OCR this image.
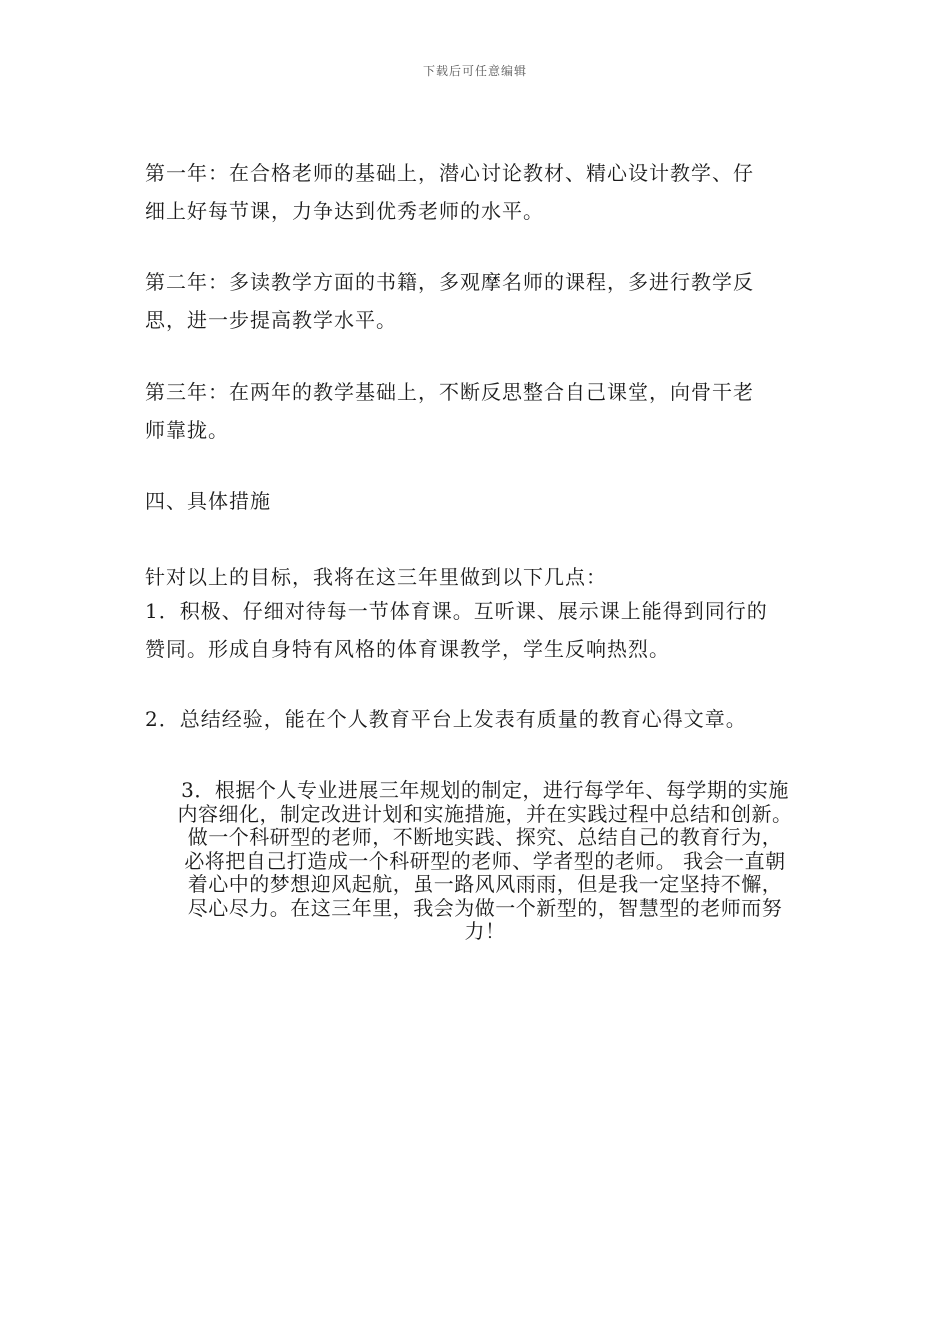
下载后可任意编辑
第一年：在合格老师的基础上，潜心讨论教材、精心设计教学、仔
细上好每节课，力争达到优秀老师的水平。
第二年：多读教学方面的书籍，多观摩名师的课程，多进行教学反
思，进一步提高教学水平。
第三年：在两年的教学基础上，不断反思整合自己课堂，向骨干老
师靠拢。
四、具体措施
针对以上的目标，我将在这三年里做到以下几点：
1．积极、仔细对待每一节体育课。互听课、展示课上能得到同行的
赞同。形成自身特有风格的体育课教学，学生反响热烈。
2．总结经验，能在个人教育平台上发表有质量的教育心得文章。
3．根据个人专业进展三年规划的制定，进行每学年、每学期的实施
内容细化，制定改进计划和实施措施，并在实践过程中总结和创新。
做一个科研型的老师，不断地实践、探究、总结自己的教育行为，
必将把自己打造成一个科研型的老师、学者型的老师。 我会一直朝
着心中的梦想迎风起航，虽一路风风雨雨，但是我一定坚持不懈，
尽心尽力。在这三年里，我会为做一个新型的，智慧型的老师而努
力！
